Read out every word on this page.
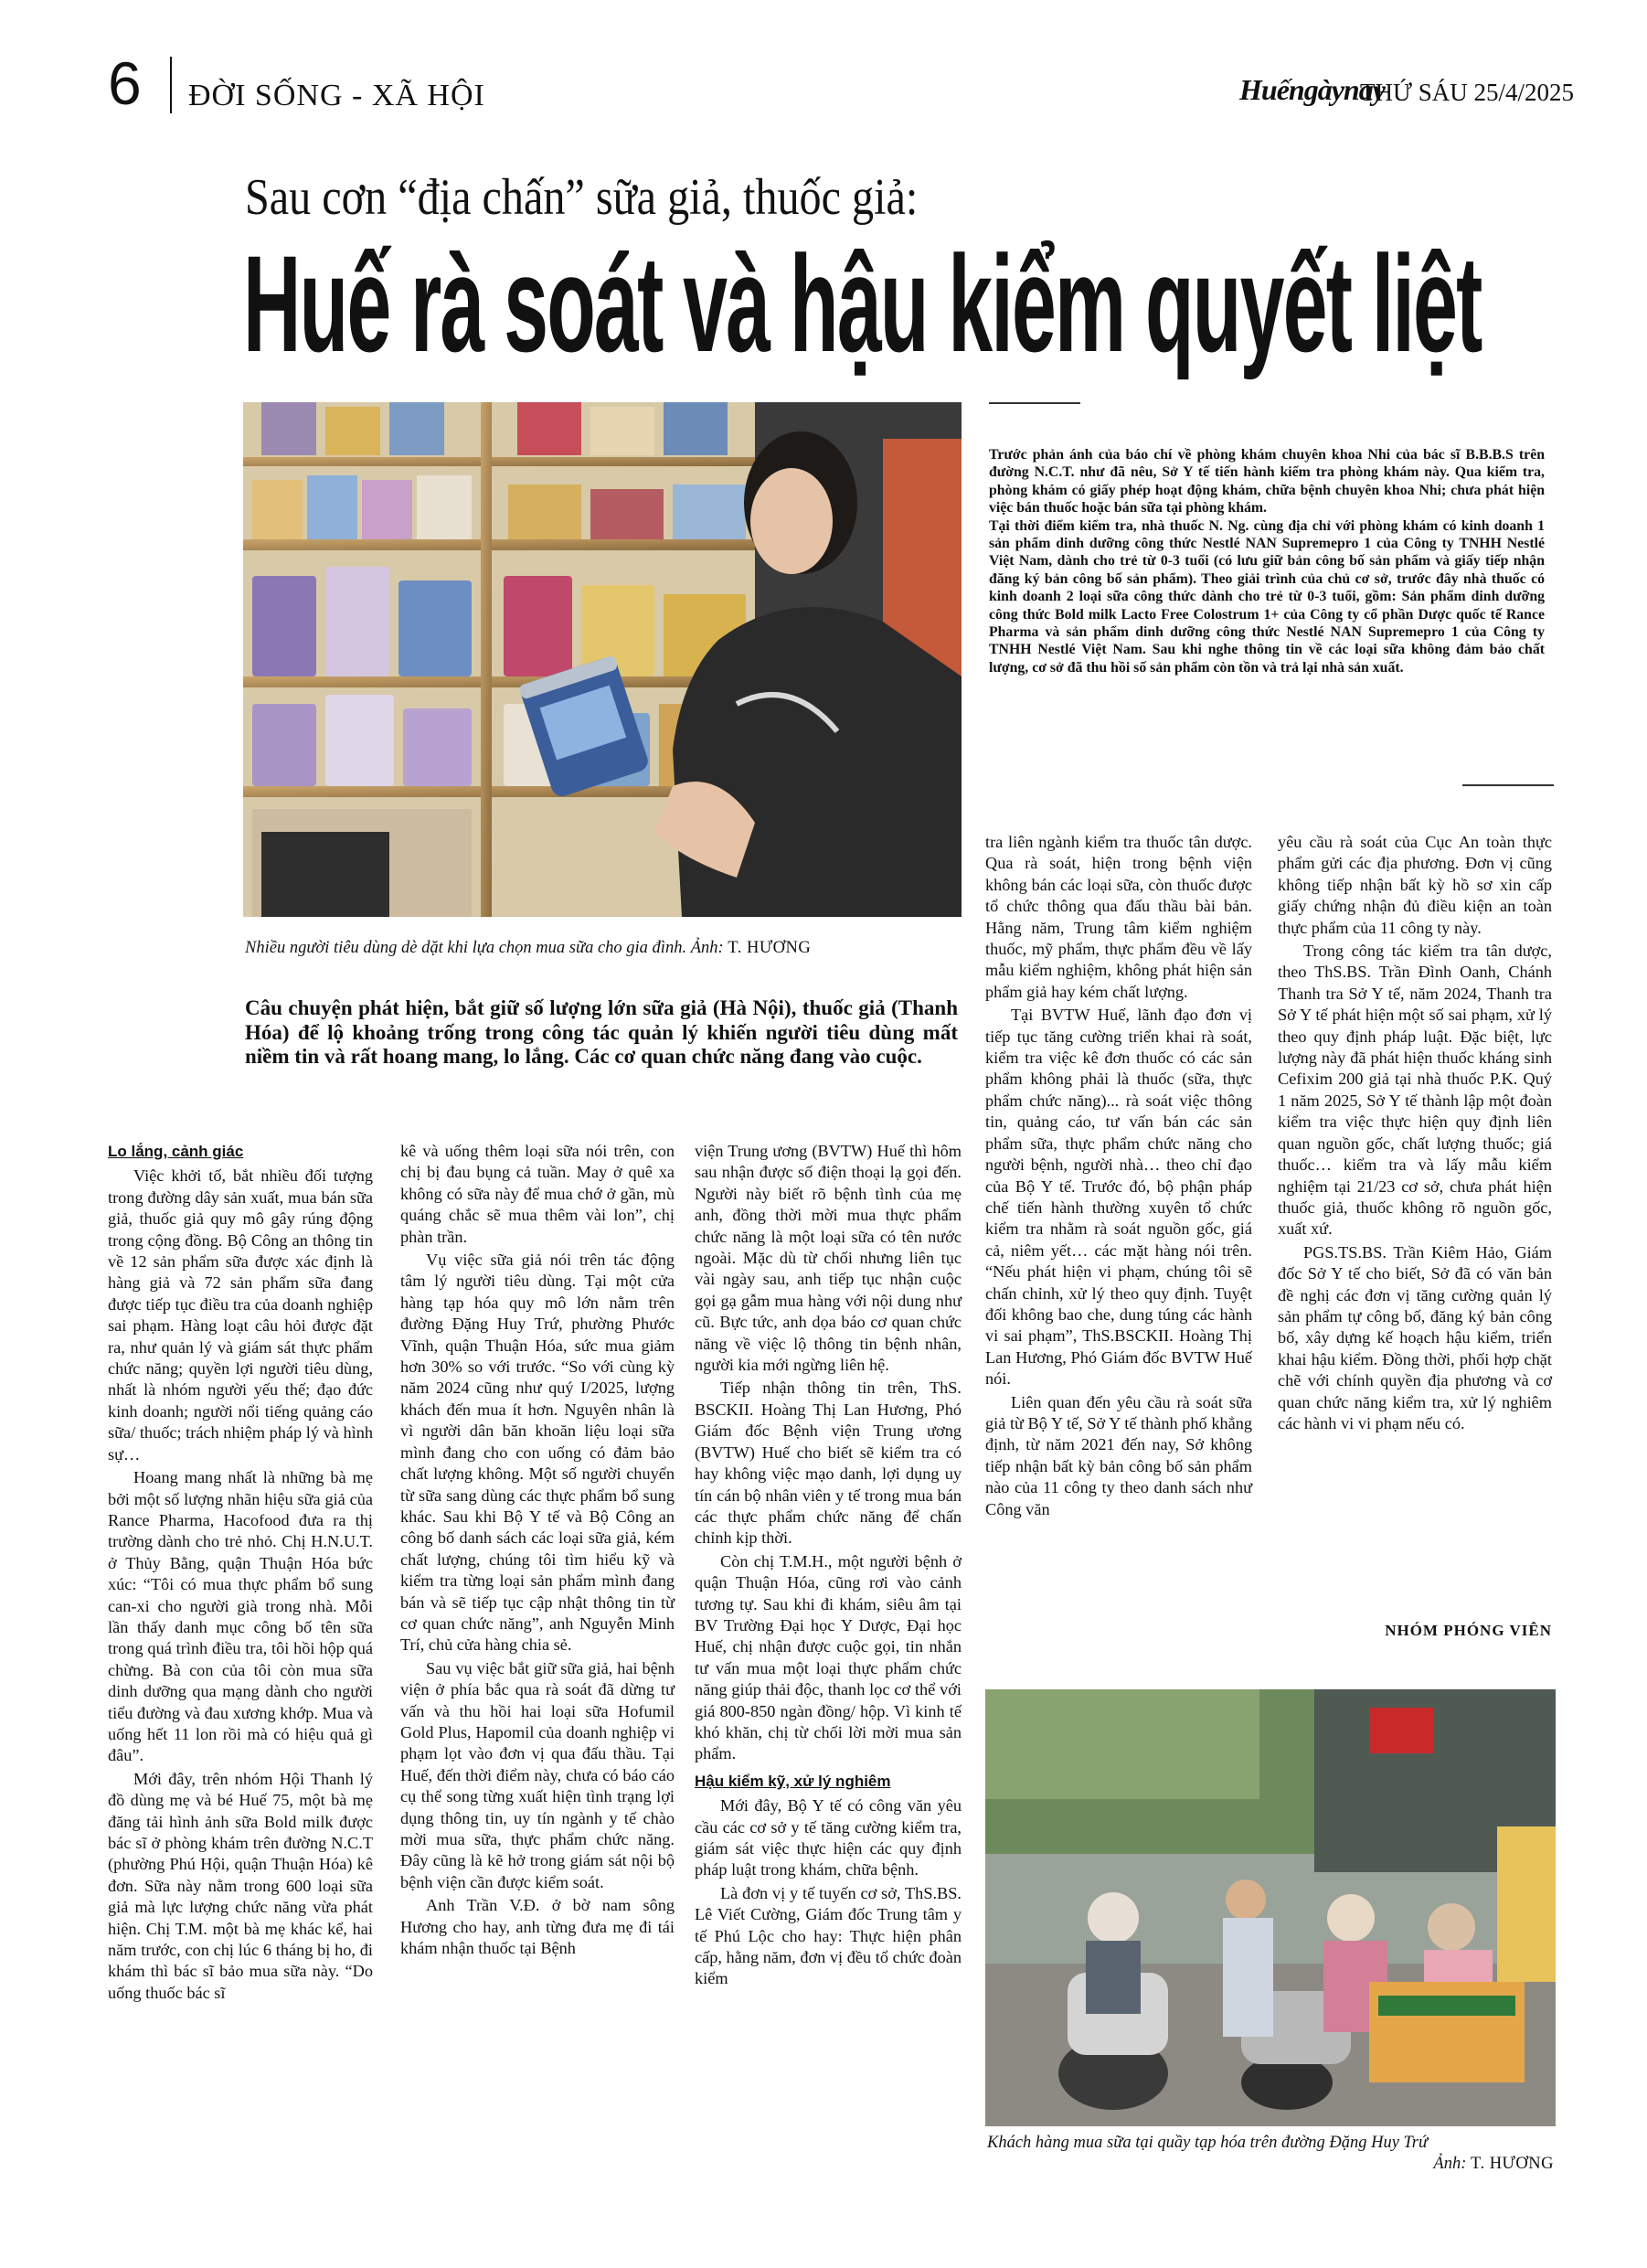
6 ĐỜI SỐNG - XÃ HỘI	Huếngàynay
THỨ SÁU 25/4/2025
Sau cơn “địa chấn” sữa giả, thuốc giả:
Huế rà soát và hậu kiểm quyết liệt
Nhiều người tiêu dùng dè dặt khi lựa chọn mua sữa cho gia đình. Ảnh: T. HƯƠNG

Trước phản ánh của báo chí về phòng khám chuyên khoa Nhi của bác sĩ B.B.B.S trên đường N.C.T. như đã nêu, Sở Y tế tiến hành kiểm tra phòng khám này. Qua kiểm tra, phòng khám có giấy phép hoạt động khám, chữa bệnh chuyên khoa Nhi; chưa phát hiện việc bán thuốc hoặc bán sữa tại phòng khám.

Tại thời điểm kiểm tra, nhà thuốc N. Ng. cùng địa chỉ với phòng khám có kinh doanh 1 sản phẩm dinh dưỡng công thức Nestlé NAN Supremepro 1 của Công ty TNHH Nestlé Việt Nam, dành cho trẻ từ 0-3 tuổi (có lưu giữ bản công bố sản phẩm và giấy tiếp nhận đăng ký bản công bố sản phẩm). Theo giải trình của chủ cơ sở, trước đây nhà thuốc có kinh doanh 2 loại sữa công thức dành cho trẻ từ 0-3 tuổi, gồm: Sản phẩm dinh dưỡng công thức Bold milk Lacto Free Colostrum 1+ của Công ty cổ phần Dược quốc tế Rance Pharma và sản phẩm dinh dưỡng công thức Nestlé NAN Supremepro 1 của Công ty TNHH Nestlé Việt Nam. Sau khi nghe thông tin về các loại sữa không đảm bảo chất lượng, cơ sở đã thu hồi số sản phẩm còn tồn và trả lại nhà sản xuất.

Câu chuyện phát hiện, bắt giữ số lượng lớn sữa giả (Hà Nội), thuốc giả (Thanh Hóa) để lộ khoảng trống trong công tác quản lý khiến người tiêu dùng mất niềm tin và rất hoang mang, lo lắng. Các cơ quan chức năng đang vào cuộc.
Lo lắng, cảnh giác

Việc khởi tố, bắt nhiều đối tượng trong đường dây sản xuất, mua bán sữa giả, thuốc giả quy mô gây rúng động trong cộng đồng. Bộ Công an thông tin về 12 sản phẩm sữa được xác định là hàng giả và 72 sản phẩm sữa đang được tiếp tục điều tra của doanh nghiệp sai phạm. Hàng loạt câu hỏi được đặt ra, như quản lý và giám sát thực phẩm chức năng; quyền lợi người tiêu dùng, nhất là nhóm người yếu thế; đạo đức kinh doanh; người nổi tiếng quảng cáo sữa/ thuốc; trách nhiệm pháp lý và hình sự…

Hoang mang nhất là những bà mẹ bởi một số lượng nhãn hiệu sữa giả của Rance Pharma, Hacofood đưa ra thị trường dành cho trẻ nhỏ. Chị H.N.U.T. ở Thủy Bằng, quận Thuận Hóa bức xúc: “Tôi có mua thực phẩm bổ sung can-xi cho người già trong nhà. Mỗi lần thấy danh mục công bố tên sữa trong quá trình điều tra, tôi hồi hộp quá chừng. Bà con của tôi còn mua sữa dinh dưỡng qua mạng dành cho người tiểu đường và đau xương khớp. Mua và uống hết 11 lon rồi mà có hiệu quả gì đâu”.

Mới đây, trên nhóm Hội Thanh lý đồ dùng mẹ và bé Huế 75, một bà mẹ đăng tải hình ảnh sữa Bold milk được bác sĩ ở phòng khám trên đường N.C.T (phường Phú Hội, quận Thuận Hóa) kê đơn. Sữa này nằm trong 600 loại sữa giả mà lực lượng chức năng vừa phát hiện. Chị T.M. một bà mẹ khác kể, hai năm trước, con chị lúc 6 tháng bị ho, đi khám thì bác sĩ bảo mua sữa này. “Do uống thuốc bác sĩ

kê và uống thêm loại sữa nói trên, con chị bị đau bụng cả tuần. May ở quê xa không có sữa này để mua chớ ở gần, mù quáng chắc sẽ mua thêm vài lon”, chị phàn trần.

Vụ việc sữa giả nói trên tác động tâm lý người tiêu dùng. Tại một cửa hàng tạp hóa quy mô lớn nằm trên đường Đặng Huy Trứ, phường Phước Vĩnh, quận Thuận Hóa, sức mua giảm hơn 30% so với trước. “So với cùng kỳ năm 2024 cũng như quý I/2025, lượng khách đến mua ít hơn. Nguyên nhân là vì người dân băn khoăn liệu loại sữa mình đang cho con uống có đảm bảo chất lượng không. Một số người chuyển từ sữa sang dùng các thực phẩm bổ sung khác. Sau khi Bộ Y tế và Bộ Công an công bố danh sách các loại sữa giả, kém chất lượng, chúng tôi tìm hiểu kỹ và kiểm tra từng loại sản phẩm mình đang bán và sẽ tiếp tục cập nhật thông tin từ cơ quan chức năng”, anh Nguyễn Minh Trí, chủ cửa hàng chia sẻ.

Sau vụ việc bắt giữ sữa giả, hai bệnh viện ở phía bắc qua rà soát đã dừng tư vấn và thu hồi hai loại sữa Hofumil Gold Plus, Hapomil của doanh nghiệp vi phạm lọt vào đơn vị qua đấu thầu. Tại Huế, đến thời điểm này, chưa có báo cáo cụ thể song từng xuất hiện tình trạng lợi dụng thông tin, uy tín ngành y tế chào mời mua sữa, thực phẩm chức năng. Đây cũng là kẽ hở trong giám sát nội bộ bệnh viện cần được kiểm soát.

Anh Trần V.Đ. ở bờ nam sông Hương cho hay, anh từng đưa mẹ đi tái khám nhận thuốc tại Bệnh

viện Trung ương (BVTW) Huế thì hôm sau nhận được số điện thoại lạ gọi đến. Người này biết rõ bệnh tình của mẹ anh, đồng thời mời mua thực phẩm chức năng là một loại sữa có tên nước ngoài. Mặc dù từ chối nhưng liên tục vài ngày sau, anh tiếp tục nhận cuộc gọi gạ gẫm mua hàng với nội dung như cũ. Bực tức, anh dọa báo cơ quan chức năng về việc lộ thông tin bệnh nhân, người kia mới ngừng liên hệ.

Tiếp nhận thông tin trên, ThS. BSCKII. Hoàng Thị Lan Hương, Phó Giám đốc Bệnh viện Trung ương (BVTW) Huế cho biết sẽ kiểm tra có hay không việc mạo danh, lợi dụng uy tín cán bộ nhân viên y tế trong mua bán các thực phẩm chức năng để chấn chỉnh kịp thời.

Còn chị T.M.H., một người bệnh ở quận Thuận Hóa, cũng rơi vào cảnh tương tự. Sau khi đi khám, siêu âm tại BV Trường Đại học Y Dược, Đại học Huế, chị nhận được cuộc gọi, tin nhắn tư vấn mua một loại thực phẩm chức năng giúp thải độc, thanh lọc cơ thể với giá 800-850 ngàn đồng/ hộp. Vì kinh tế khó khăn, chị từ chối lời mời mua sản phẩm.

Hậu kiểm kỹ, xử lý nghiêm

Mới đây, Bộ Y tế có công văn yêu cầu các cơ sở y tế tăng cường kiểm tra, giám sát việc thực hiện các quy định pháp luật trong khám, chữa bệnh.

Là đơn vị y tế tuyến cơ sở, ThS.BS. Lê Viết Cường, Giám đốc Trung tâm y tế Phú Lộc cho hay: Thực hiện phân cấp, hằng năm, đơn vị đều tổ chức đoàn kiểm

tra liên ngành kiểm tra thuốc tân dược. Qua rà soát, hiện trong bệnh viện không bán các loại sữa, còn thuốc được tổ chức thông qua đấu thầu bài bản. Hằng năm, Trung tâm kiểm nghiệm thuốc, mỹ phẩm, thực phẩm đều về lấy mẫu kiểm nghiệm, không phát hiện sản phẩm giả hay kém chất lượng.

Tại BVTW Huế, lãnh đạo đơn vị tiếp tục tăng cường triển khai rà soát, kiểm tra việc kê đơn thuốc có các sản phẩm không phải là thuốc (sữa, thực phẩm chức năng)... rà soát việc thông tin, quảng cáo, tư vấn bán các sản phẩm sữa, thực phẩm chức năng cho người bệnh, người nhà… theo chỉ đạo của Bộ Y tế. Trước đó, bộ phận pháp chế tiến hành thường xuyên tổ chức kiểm tra nhằm rà soát nguồn gốc, giá cả, niêm yết… các mặt hàng nói trên. “Nếu phát hiện vi phạm, chúng tôi sẽ chấn chỉnh, xử lý theo quy định. Tuyệt đối không bao che, dung túng các hành vi sai phạm”, ThS.BSCKII. Hoàng Thị Lan Hương, Phó Giám đốc BVTW Huế nói.

Liên quan đến yêu cầu rà soát sữa giả từ Bộ Y tế, Sở Y tế thành phố khẳng định, từ năm 2021 đến nay, Sở không tiếp nhận bất kỳ bản công bố sản phẩm nào của 11 công ty theo danh sách như Công văn

yêu cầu rà soát của Cục An toàn thực phẩm gửi các địa phương. Đơn vị cũng không tiếp nhận bất kỳ hồ sơ xin cấp giấy chứng nhận đủ điều kiện an toàn thực phẩm của 11 công ty này.

Trong công tác kiểm tra tân dược, theo ThS.BS. Trần Đình Oanh, Chánh Thanh tra Sở Y tế, năm 2024, Thanh tra Sở Y tế phát hiện một số sai phạm, xử lý theo quy định pháp luật. Đặc biệt, lực lượng này đã phát hiện thuốc kháng sinh Cefixim 200 giả tại nhà thuốc P.K. Quý 1 năm 2025, Sở Y tế thành lập một đoàn kiểm tra việc thực hiện quy định liên quan nguồn gốc, chất lượng thuốc; giá thuốc… kiểm tra và lấy mẫu kiểm nghiệm tại 21/23 cơ sở, chưa phát hiện thuốc giả, thuốc không rõ nguồn gốc, xuất xứ.

PGS.TS.BS. Trần Kiêm Hảo, Giám đốc Sở Y tế cho biết, Sở đã có văn bản đề nghị các đơn vị tăng cường quản lý sản phẩm tự công bố, đăng ký bản công bố, xây dựng kế hoạch hậu kiểm, triển khai hậu kiểm. Đồng thời, phối hợp chặt chẽ với chính quyền địa phương và cơ quan chức năng kiểm tra, xử lý nghiêm các hành vi vi phạm nếu có.

NHÓM PHÓNG VIÊN
Khách hàng mua sữa tại quầy tạp hóa trên đường Đặng Huy Trứ
Ảnh: T. HƯƠNG
